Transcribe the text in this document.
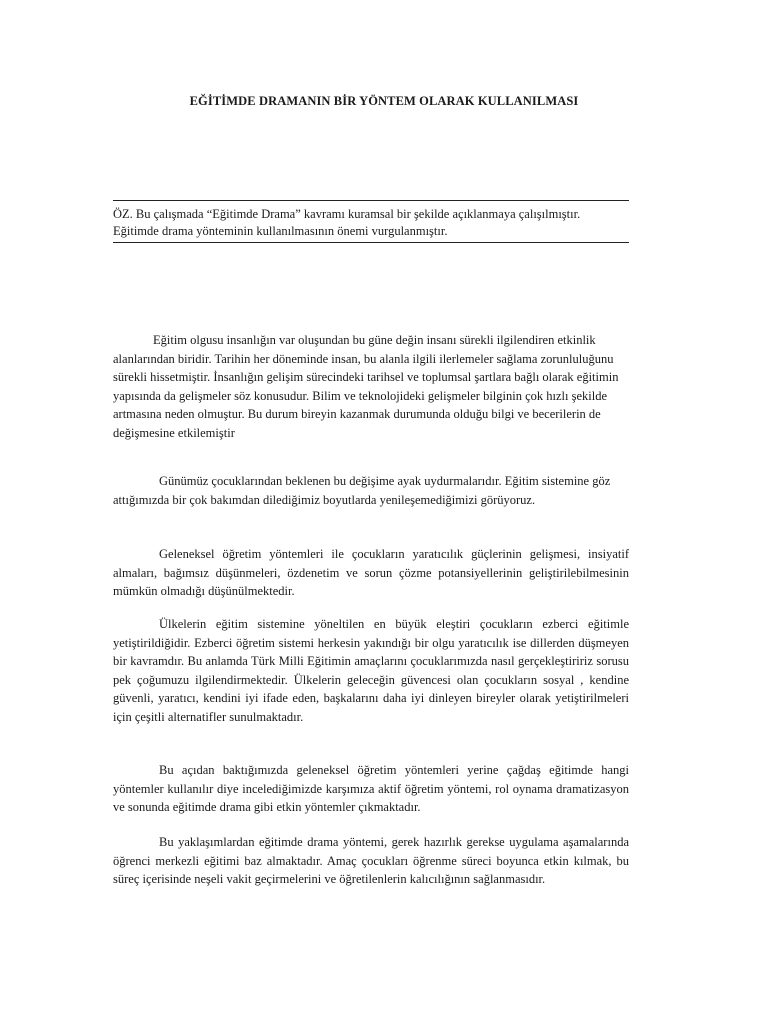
EĞİTİMDE DRAMANIN BİR YÖNTEM OLARAK KULLANILMASI

ÖZ. Bu çalışmada “Eğitimde Drama” kavramı kuramsal bir şekilde açıklanmaya çalışılmıştır. Eğitimde drama yönteminin kullanılmasının önemi vurgulanmıştır.

Eğitim olgusu insanlığın var oluşundan bu güne değin insanı sürekli ilgilendiren etkinlik alanlarından biridir. Tarihin her döneminde insan, bu alanla ilgili ilerlemeler sağlama zorunluluğunu sürekli hissetmiştir. İnsanlığın gelişim sürecindeki tarihsel ve toplumsal şartlara bağlı olarak eğitimin yapısında da gelişmeler söz konusudur. Bilim ve teknolojideki gelişmeler bilginin çok hızlı şekilde artmasına neden olmuştur. Bu durum bireyin kazanmak durumunda olduğu bilgi ve becerilerin de değişmesine etkilemiştir

Günümüz çocuklarından beklenen bu değişime ayak uydurmalarıdır. Eğitim sistemine göz attığımızda bir çok bakımdan dilediğimiz boyutlarda yenileşemediğimizi görüyoruz.

Geleneksel öğretim yöntemleri ile çocukların yaratıcılık güçlerinin gelişmesi, insiyatif almaları, bağımsız düşünmeleri, özdenetim ve sorun çözme potansiyellerinin geliştirilebilmesinin mümkün olmadığı düşünülmektedir.

Ülkelerin eğitim sistemine yöneltilen en büyük eleştiri çocukların ezberci eğitimle yetiştirildiğidir. Ezberci öğretim sistemi herkesin yakındığı bir olgu yaratıcılık ise dillerden düşmeyen bir kavramdır. Bu anlamda Türk Milli Eğitimin amaçlarını çocuklarımızda nasıl gerçekleştiririz sorusu pek çoğumuzu ilgilendirmektedir. Ülkelerin geleceğin güvencesi olan çocukların sosyal , kendine güvenli, yaratıcı, kendini iyi ifade eden, başkalarını daha iyi dinleyen bireyler olarak yetiştirilmeleri için çeşitli alternatifler sunulmaktadır.

Bu açıdan baktığımızda geleneksel öğretim yöntemleri yerine çağdaş eğitimde hangi yöntemler kullanılır diye incelediğimizde karşımıza aktif öğretim yöntemi, rol oynama dramatizasyon ve sonunda eğitimde drama gibi etkin yöntemler çıkmaktadır.

Bu yaklaşımlardan eğitimde drama yöntemi, gerek hazırlık gerekse uygulama aşamalarında öğrenci merkezli eğitimi baz almaktadır. Amaç çocukları öğrenme süreci boyunca etkin kılmak, bu süreç içerisinde neşeli vakit geçirmelerini ve öğretilenlerin kalıcılığının sağlanmasıdır.
